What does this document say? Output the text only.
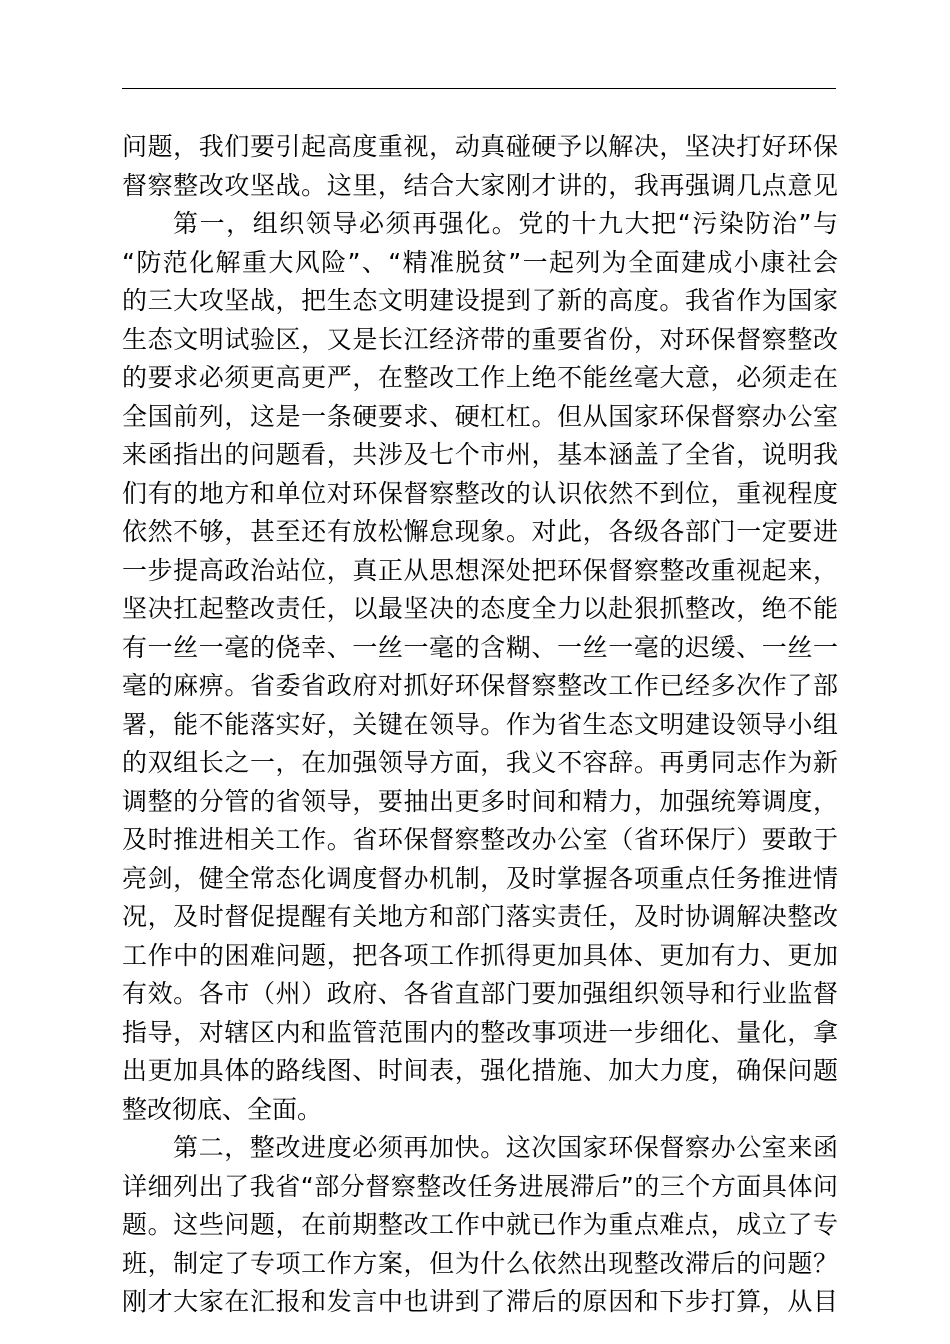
问题，我们要引起高度重视，动真碰硬予以解决，坚决打好环保
督察整改攻坚战。这里，结合大家刚才讲的，我再强调几点意见
第一，组织领导必须再强化。党的十九大把“污染防治”与
“防范化解重大风险”、“精准脱贫”一起列为全面建成小康社会
的三大攻坚战，把生态文明建设提到了新的高度。我省作为国家
生态文明试验区，又是长江经济带的重要省份，对环保督察整改
的要求必须更高更严，在整改工作上绝不能丝毫大意，必须走在
全国前列，这是一条硬要求、硬杠杠。但从国家环保督察办公室
来函指出的问题看，共涉及七个市州，基本涵盖了全省，说明我
们有的地方和单位对环保督察整改的认识依然不到位，重视程度
依然不够，甚至还有放松懈怠现象。对此，各级各部门一定要进
一步提高政治站位，真正从思想深处把环保督察整改重视起来，
坚决扛起整改责任，以最坚决的态度全力以赴狠抓整改，绝不能
有一丝一毫的侥幸、一丝一毫的含糊、一丝一毫的迟缓、一丝一
毫的麻痹。省委省政府对抓好环保督察整改工作已经多次作了部
署，能不能落实好，关键在领导。作为省生态文明建设领导小组
的双组长之一，在加强领导方面，我义不容辞。再勇同志作为新
调整的分管的省领导，要抽出更多时间和精力，加强统筹调度，
及时推进相关工作。省环保督察整改办公室（省环保厅）要敢于
亮剑，健全常态化调度督办机制，及时掌握各项重点任务推进情
况，及时督促提醒有关地方和部门落实责任，及时协调解决整改
工作中的困难问题，把各项工作抓得更加具体、更加有力、更加
有效。各市（州）政府、各省直部门要加强组织领导和行业监督
指导，对辖区内和监管范围内的整改事项进一步细化、量化，拿
出更加具体的路线图、时间表，强化措施、加大力度，确保问题
整改彻底、全面。
第二，整改进度必须再加快。这次国家环保督察办公室来函
详细列出了我省“部分督察整改任务进展滞后”的三个方面具体问
题。这些问题，在前期整改工作中就已作为重点难点，成立了专
班，制定了专项工作方案，但为什么依然出现整改滞后的问题？
刚才大家在汇报和发言中也讲到了滞后的原因和下步打算，从目
